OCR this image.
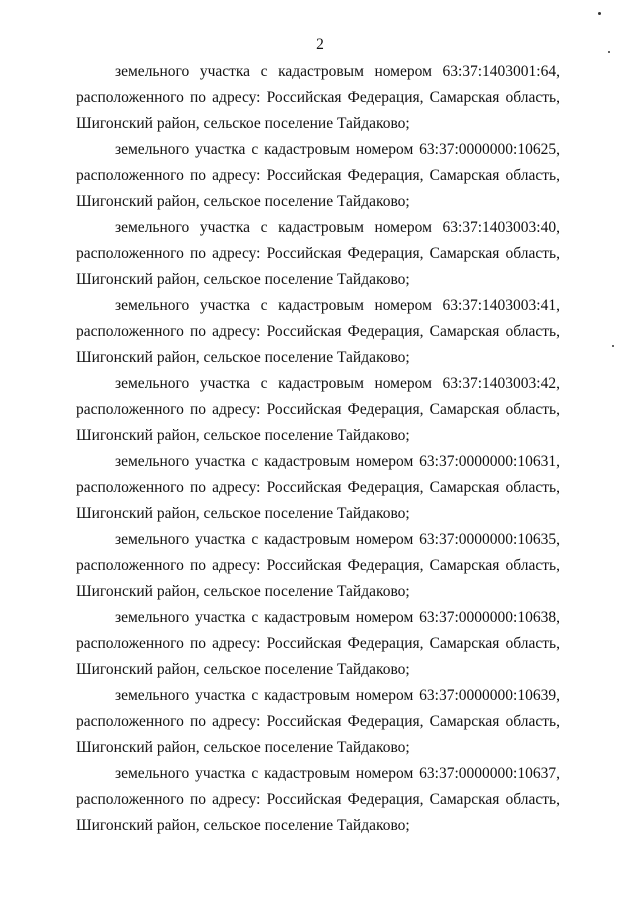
2
земельного участка с кадастровым номером 63:37:1403001:64,
расположенного по адресу: Российская Федерация, Самарская область,
Шигонский район, сельское поселение Тайдаково;
земельного участка с кадастровым номером 63:37:0000000:10625,
расположенного по адресу: Российская Федерация, Самарская область,
Шигонский район, сельское поселение Тайдаково;
земельного участка с кадастровым номером 63:37:1403003:40,
расположенного по адресу: Российская Федерация, Самарская область,
Шигонский район, сельское поселение Тайдаково;
земельного участка с кадастровым номером 63:37:1403003:41,
расположенного по адресу: Российская Федерация, Самарская область,
Шигонский район, сельское поселение Тайдаково;
земельного участка с кадастровым номером 63:37:1403003:42,
расположенного по адресу: Российская Федерация, Самарская область,
Шигонский район, сельское поселение Тайдаково;
земельного участка с кадастровым номером 63:37:0000000:10631,
расположенного по адресу: Российская Федерация, Самарская область,
Шигонский район, сельское поселение Тайдаково;
земельного участка с кадастровым номером 63:37:0000000:10635,
расположенного по адресу: Российская Федерация, Самарская область,
Шигонский район, сельское поселение Тайдаково;
земельного участка с кадастровым номером 63:37:0000000:10638,
расположенного по адресу: Российская Федерация, Самарская область,
Шигонский район, сельское поселение Тайдаково;
земельного участка с кадастровым номером 63:37:0000000:10639,
расположенного по адресу: Российская Федерация, Самарская область,
Шигонский район, сельское поселение Тайдаково;
земельного участка с кадастровым номером 63:37:0000000:10637,
расположенного по адресу: Российская Федерация, Самарская область,
Шигонский район, сельское поселение Тайдаково;
